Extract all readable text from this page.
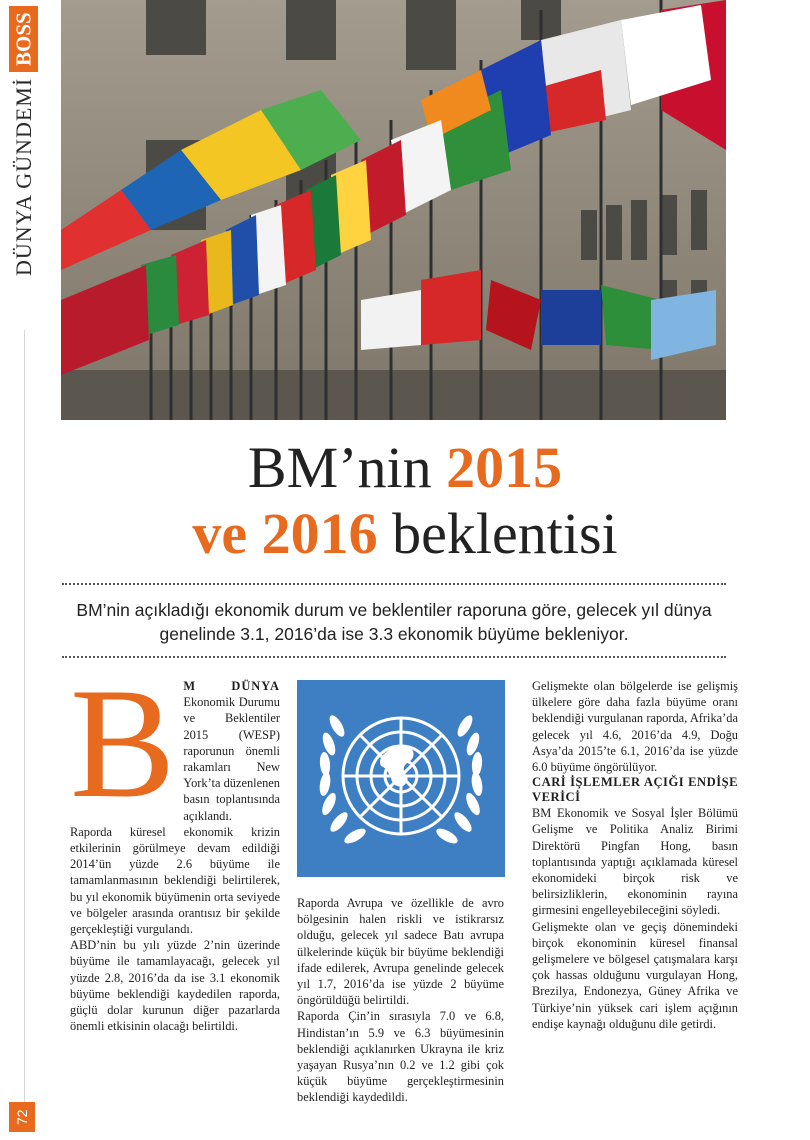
DÜNYA GÜNDEMİ
BOSS
72
BM’nin 2015
ve 2016 beklentisi
BM’nin açıkladığı ekonomik durum ve beklentiler raporuna göre, gelecek yıl dünya genelinde 3.1, 2016’da ise 3.3 ekonomik büyüme bekleniyor.
B M DÜNYA Ekonomik Durumu ve Beklentiler 2015 (WESP) raporunun önemli rakamları New York’ta düzenlenen basın toplantısında açıklandı.

Raporda küresel ekonomik krizin etkilerinin görülmeye devam edildiği 2014’ün yüzde 2.6 büyüme ile tamamlanmasının beklendiği belirtilerek, bu yıl ekonomik büyümenin orta seviyede ve bölgeler arasında orantısız bir şekilde gerçekleştiği vurgulandı.

ABD’nin bu yılı yüzde 2’nin üzerinde büyüme ile tamamlayacağı, gelecek yıl yüzde 2.8, 2016’da da ise 3.1 ekonomik büyüme beklendiği kaydedilen raporda, güçlü dolar kurunun diğer pazarlarda önemli etkisinin olacağı belirtildi.

Raporda Avrupa ve özellikle de avro bölgesinin halen riskli ve istikrarsız olduğu, gelecek yıl sadece Batı avrupa ülkelerinde küçük bir büyüme beklendiği ifade edilerek, Avrupa genelinde gelecek yıl 1.7, 2016’da ise yüzde 2 büyüme öngörüldüğü belirtildi.

Raporda Çin’in sırasıyla 7.0 ve 6.8, Hindistan’ın 5.9 ve 6.3 büyümesinin beklendiği açıklanırken Ukrayna ile kriz yaşayan Rusya’nın 0.2 ve 1.2 gibi çok küçük büyüme gerçekleştirmesinin beklendiği kaydedildi.

Gelişmekte olan bölgelerde ise gelişmiş ülkelere göre daha fazla büyüme oranı beklendiği vurgulanan raporda, Afrika’da gelecek yıl 4.6, 2016’da 4.9, Doğu Asya’da 2015’te 6.1, 2016’da ise yüzde 6.0 büyüme öngörülüyor.

CARİ İŞLEMLER AÇIĞI ENDİŞE VERİCİ

BM Ekonomik ve Sosyal İşler Bölümü Gelişme ve Politika Analiz Birimi Direktörü Pingfan Hong, basın toplantısında yaptığı açıklamada küresel ekonomideki birçok risk ve belirsizliklerin, ekonominin rayına girmesini engelleyebileceğini söyledi.

Gelişmekte olan ve geçiş dönemindeki birçok ekonominin küresel finansal gelişmelere ve bölgesel çatışmalara karşı çok hassas olduğunu vurgulayan Hong, Brezilya, Endonezya, Güney Afrika ve Türkiye’nin yüksek cari işlem açığının endişe kaynağı olduğunu dile getirdi.
